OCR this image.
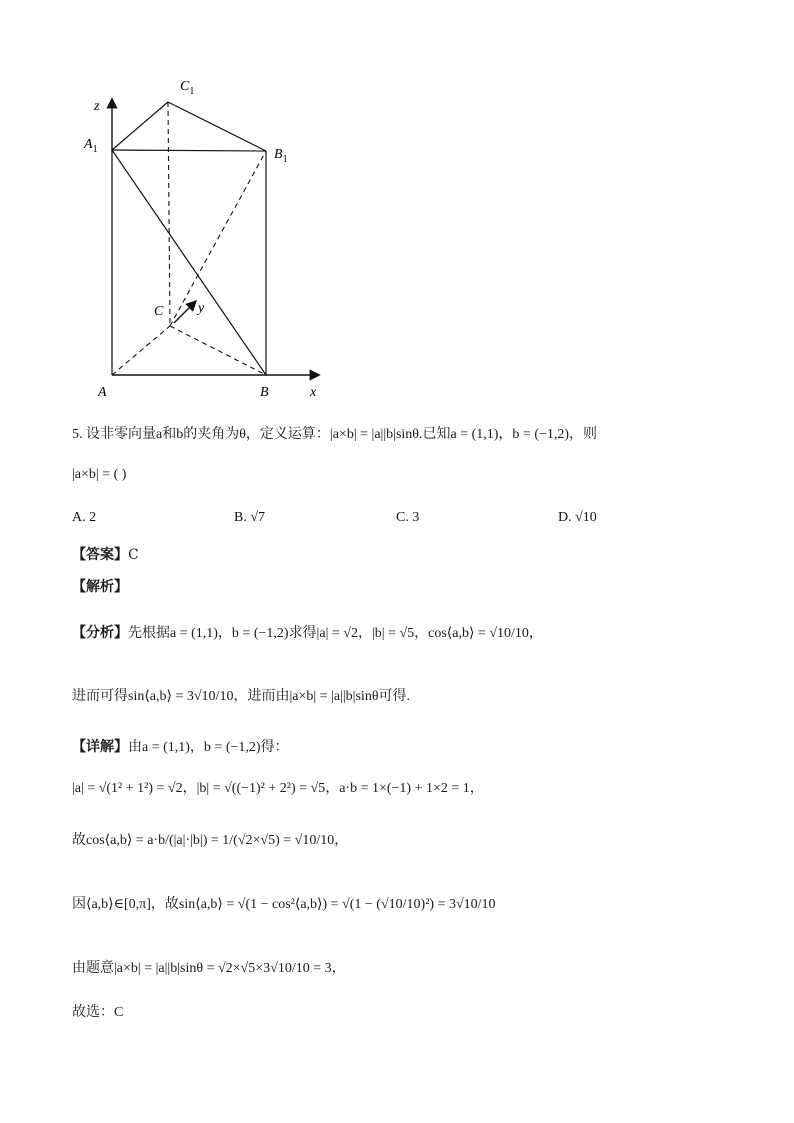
z
$C_1$
$A_1$	$B_1$
C y
A	B	x
5. 设非零向量a和b的夹角为θ，定义运算：|a×b| = |a||b|sinθ.已知a = (1,1)，b = (−1,2)，则
|a×b| = ( )
A. 2	B. √7	C. 3	D. √10
【答案】C
【解析】
【分析】先根据a = (1,1)，b = (−1,2)求得|a| = √2，|b| = √5，cos⟨a,b⟩ = √10/10，
进而可得sin⟨a,b⟩ = 3√10/10，进而由|a×b| = |a||b|sinθ可得.
【详解】由a = (1,1)，b = (−1,2)得：
|a| = √(1² + 1²) = √2，|b| = √((−1)² + 2²) = √5，a·b = 1×(−1) + 1×2 = 1，
故cos⟨a,b⟩ = a·b/(|a|·|b|) = 1/(√2×√5) = √10/10，
因⟨a,b⟩∈[0,π]，故sin⟨a,b⟩ = √(1 − cos²⟨a,b⟩) = √(1 − (√10/10)²) = 3√10/10
由题意|a×b| = |a||b|sinθ = √2×√5×3√10/10 = 3，
故选：C
